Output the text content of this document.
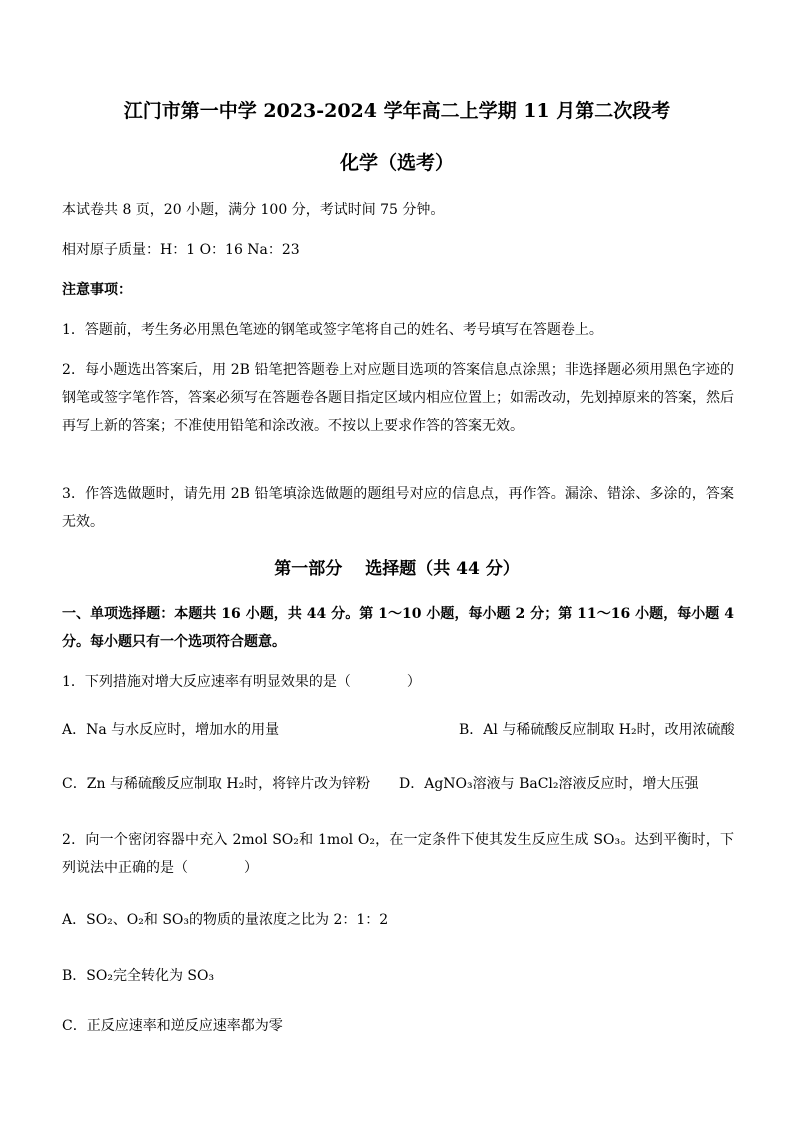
江门市第一中学 2023-2024 学年高二上学期 11 月第二次段考
化学（选考）
本试卷共 8 页，20 小题，满分 100 分，考试时间 75 分钟。
相对原子质量：H：1 O：16 Na：23
注意事项：
1．答题前，考生务必用黑色笔迹的钢笔或签字笔将自己的姓名、考号填写在答题卷上。
2．每小题选出答案后，用 2B 铅笔把答题卷上对应题目选项的答案信息点涂黑；非选择题必须用黑色字迹的钢笔或签字笔作答，答案必须写在答题卷各题目指定区域内相应位置上；如需改动，先划掉原来的答案，然后再写上新的答案；不准使用铅笔和涂改液。不按以上要求作答的答案无效。
3．作答选做题时，请先用 2B 铅笔填涂选做题的题组号对应的信息点，再作答。漏涂、错涂、多涂的，答案无效。
第一部分　 选择题（共 44 分）
一、单项选择题：本题共 16 小题，共 44 分。第 1～10 小题，每小题 2 分；第 11～16 小题，每小题 4 分。每小题只有一个选项符合题意。
1．下列措施对增大反应速率有明显效果的是（　　　　）
A．Na 与水反应时，增加水的用量	B．Al 与稀硫酸反应制取 H₂时，改用浓硫酸
C．Zn 与稀硫酸反应制取 H₂时，将锌片改为锌粉 D．AgNO₃溶液与 BaCl₂溶液反应时，增大压强
2．向一个密闭容器中充入 2mol SO₂和 1mol O₂，在一定条件下使其发生反应生成 SO₃。达到平衡时，下列说法中正确的是（　　　　）
A．SO₂、O₂和 SO₃的物质的量浓度之比为 2：1：2
B．SO₂完全转化为 SO₃
C．正反应速率和逆反应速率都为零
